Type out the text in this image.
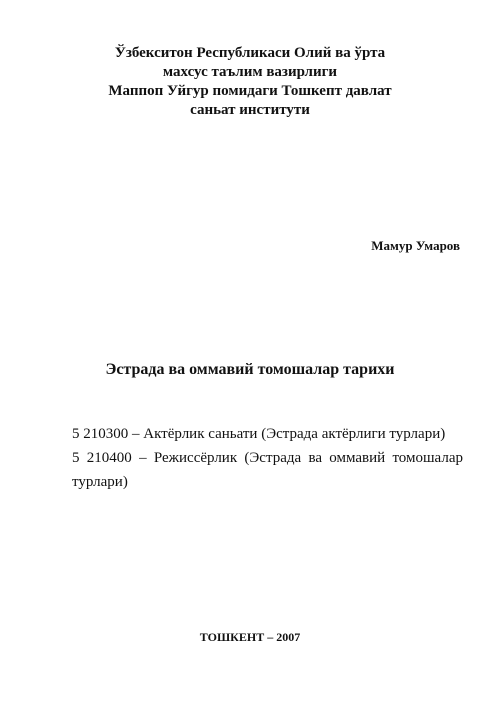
Ўзбекситон Республикаси Олий ва ўрта
махсус таълим вазирлиги
Маппоп Уйгур помидаги Тошкепт давлат
саньат институти
Мамур Умаров
Эстрада ва оммавий томошалар тарихи
5 210300 – Актёрлик саньати (Эстрада актёрлиги турлари)
5 210400 – Режиссёрлик (Эстрада ва оммавий томошалар турлари)
ТОШКЕНТ – 2007
